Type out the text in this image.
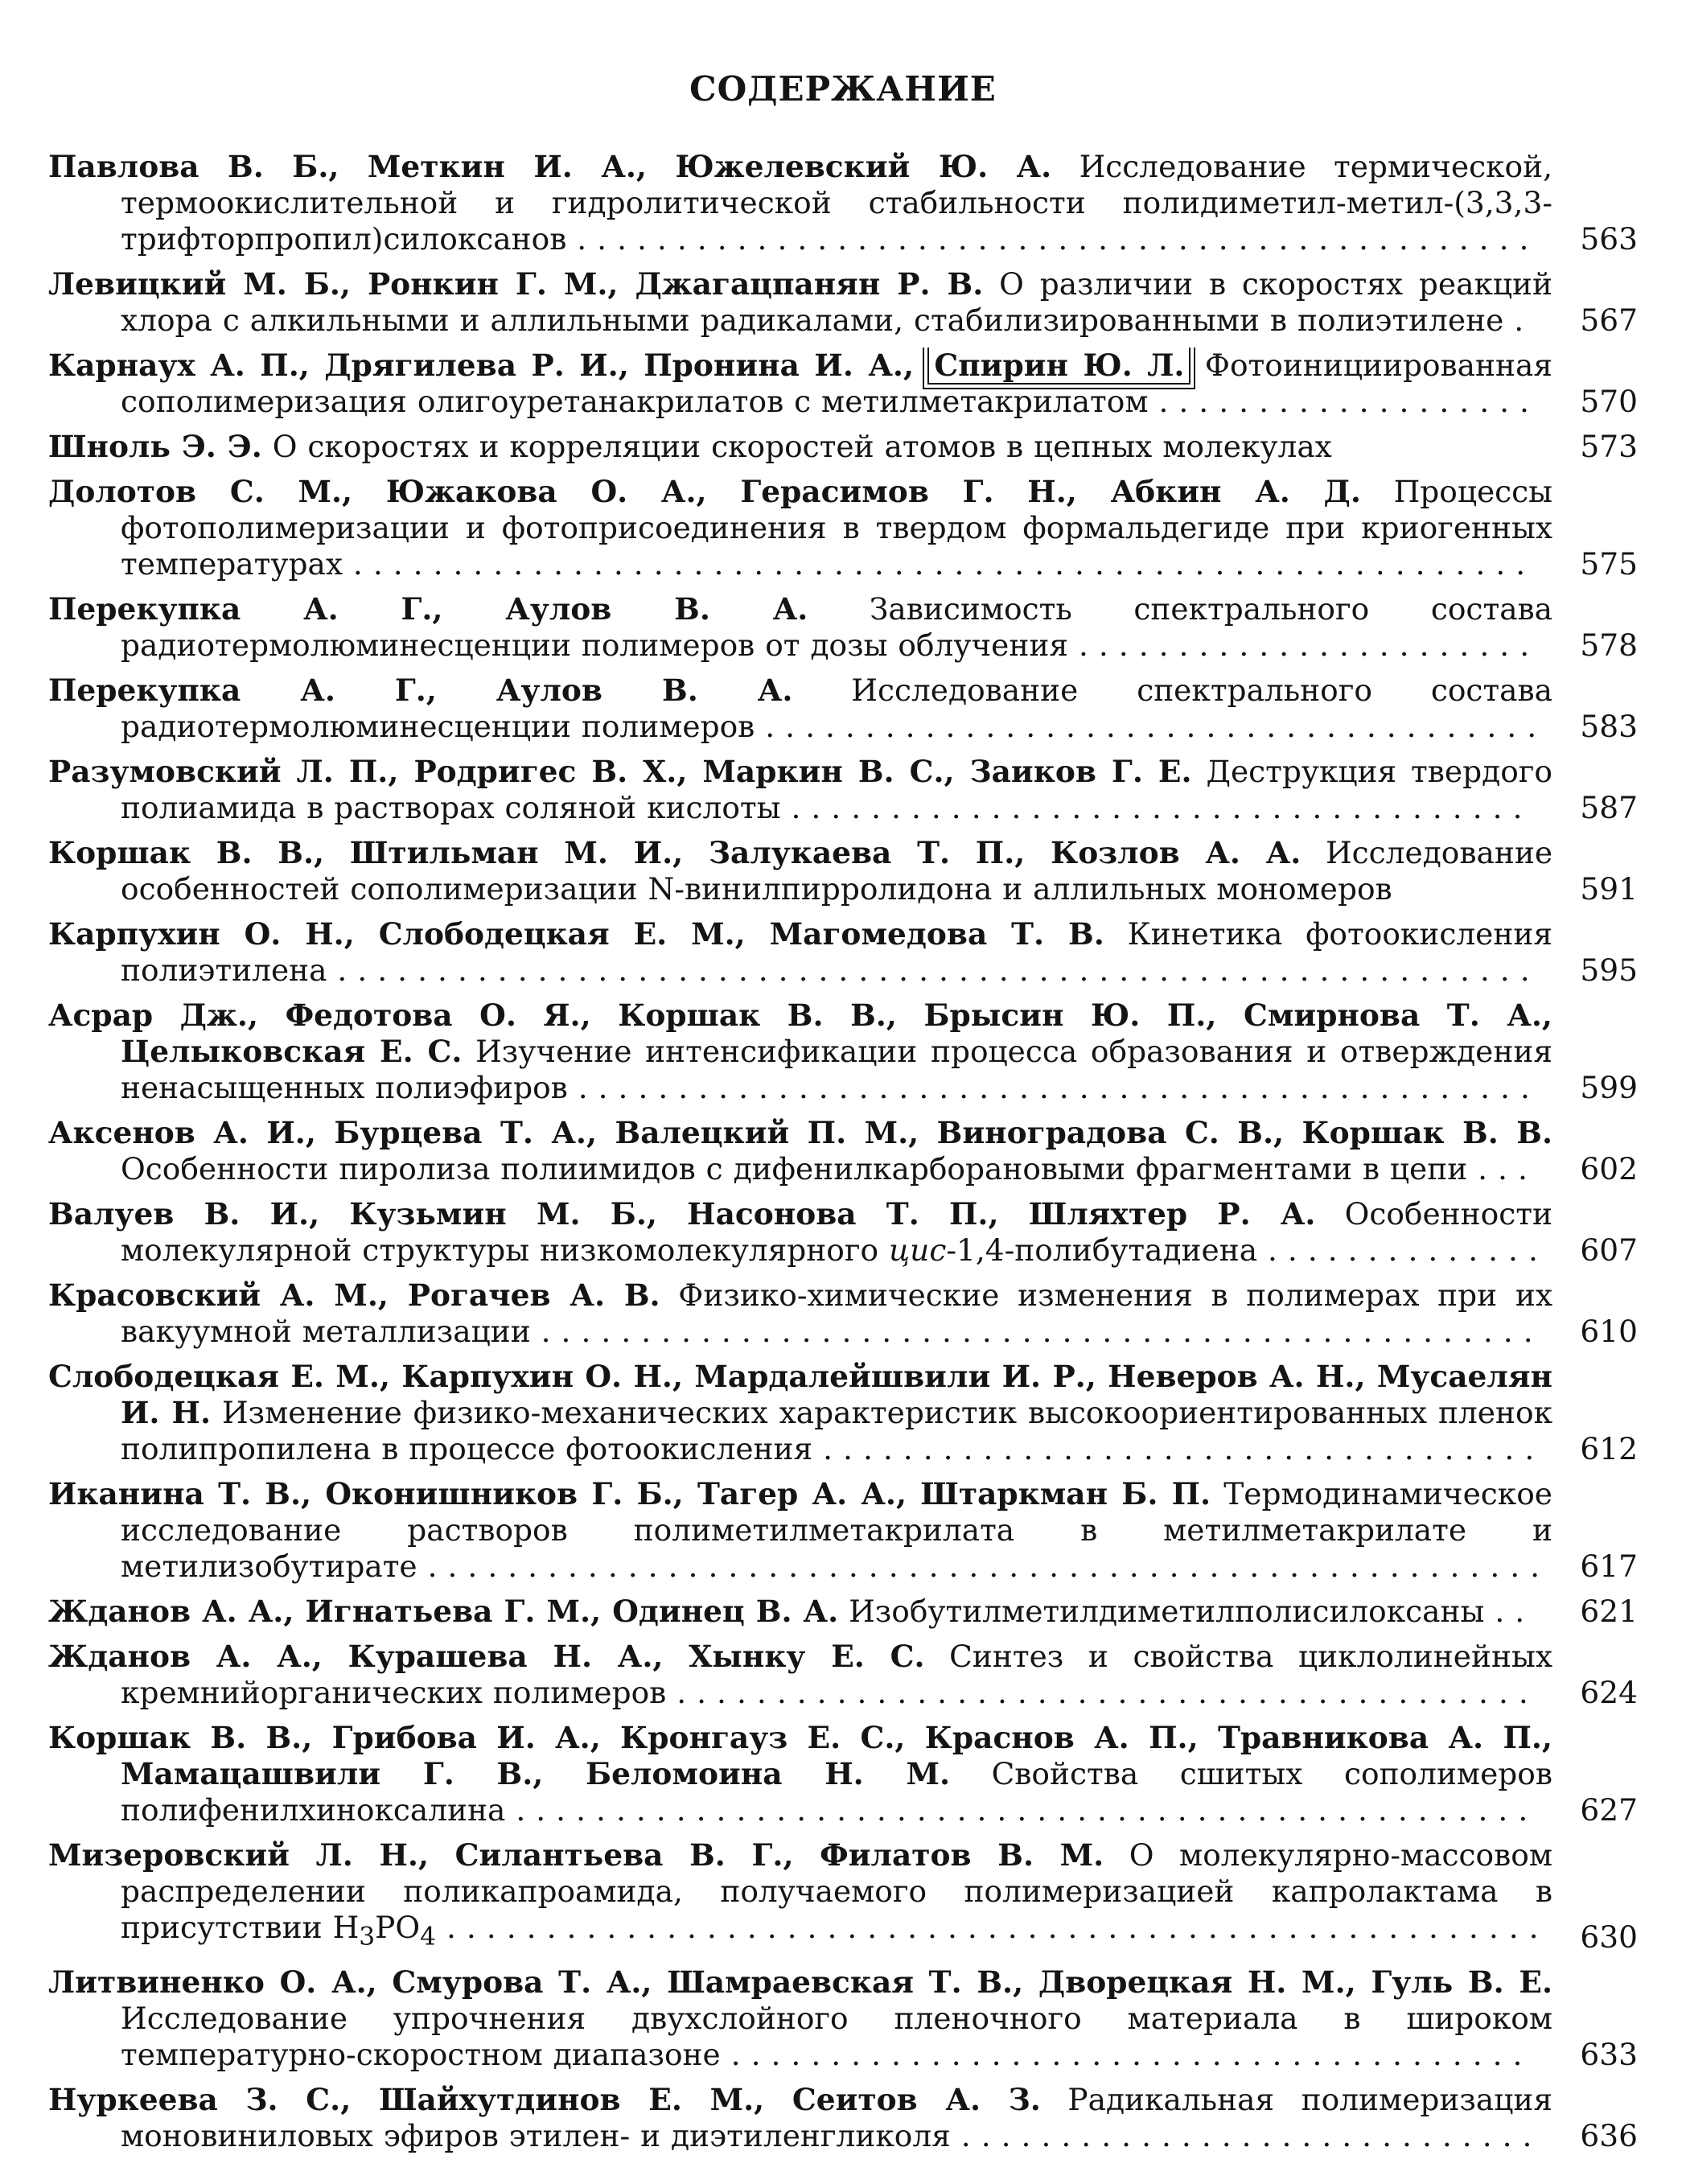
СОДЕРЖАНИЕ
Павлова В. Б., Меткин И. А., Южелевский Ю. А. Исследование термической, термоокислительной и гидролитической стабильности полидиметил-метил-(3,3,3-трифторпропил)силоксанов ................................................	563
Левицкий М. Б., Ронкин Г. М., Джагацпанян Р. В. О различии в скоростях реакций хлора с алкильными и аллильными радикалами, стабилизированными в полиэтилене .	567
Карнаух А. П., Дрягилева Р. И., Пронина И. А., Спирин Ю. Л. Фотоинициированная сополимеризация олигоуретанакрилатов с метилметакрилатом ...................	570
Шноль Э. Э. О скоростях и корреляции скоростей атомов в цепных молекулах	573
Долотов С. М., Южакова О. А., Герасимов Г. Н., Абкин А. Д. Процессы фотополимеризации и фотоприсоединения в твердом формальдегиде при криогенных температурах ...........................................................	575
Перекупка А. Г., Аулов В. А. Зависимость спектрального состава радиотермолюминесценции полимеров от дозы облучения .......................	578
Перекупка А. Г., Аулов В. А. Исследование спектрального состава радиотермолюминесценции полимеров .......................................	583
Разумовский Л. П., Родригес В. Х., Маркин В. С., Заиков Г. Е. Деструкция твердого полиамида в растворах соляной кислоты .....................................	587
Коршак В. В., Штильман М. И., Залукаева Т. П., Козлов А. А. Исследование особенностей сополимеризации N-винилпирролидона и аллильных мономеров	591
Карпухин О. Н., Слободецкая Е. М., Магомедова Т. В. Кинетика фотоокисления полиэтилена ............................................................	595
Асрар Дж., Федотова О. Я., Коршак В. В., Брысин Ю. П., Смирнова Т. А., Целыковская Е. С. Изучение интенсификации процесса образования и отверждения ненасыщенных полиэфиров ................................................	599
Аксенов А. И., Бурцева Т. А., Валецкий П. М., Виноградова С. В., Коршак В. В. Особенности пиролиза полиимидов с дифенилкарборановыми фрагментами в цепи ...	602
Валуев В. И., Кузьмин М. Б., Насонова Т. П., Шляхтер Р. А. Особенности молекулярной структуры низкомолекулярного цис-1,4-полибутадиена ..............	607
Красовский А. М., Рогачев А. В. Физико-химические изменения в полимерах при их вакуумной металлизации ..................................................	610
Слободецкая Е. М., Карпухин О. Н., Мардалейшвили И. Р., Неверов А. Н., Мусаелян И. Н. Изменение физико-механических характеристик высокоориентированных пленок полипропилена в процессе фотоокисления ....................................	612
Иканина Т. В., Оконишников Г. Б., Тагер А. А., Штаркман Б. П. Термодинамическое исследование растворов полиметилметакрилата в метилметакрилате и метилизобутирате ........................................................ 617
Жданов А. А., Игнатьева Г. М., Одинец В. А. Изобутилметилдиметилполисилоксаны ..	621
Жданов А. А., Курашева Н. А., Хынку Е. С. Синтез и свойства циклолинейных кремнийорганических полимеров ...........................................	624
Коршак В. В., Грибова И. А., Кронгауз Е. С., Краснов А. П., Травникова А. П., Мамацашвили Г. В., Беломоина Н. М. Свойства сшитых сополимеров полифенилхиноксалина ...................................................	627
Мизеровский Л. Н., Силантьева В. Г., Филатов В. М. О молекулярно-массовом распределении поликапроамида, получаемого полимеризацией капролактама в присутствии $H_3PO_4$ .......................................................	630
Литвиненко О. А., Смурова Т. А., Шамраевская Т. В., Дворецкая Н. М., Гуль В. Е. Исследование упрочнения двухслойного пленочного материала в широком температурно-скоростном диапазоне ........................................	633
Нуркеева З. С., Шайхутдинов Е. М., Сеитов А. З. Радикальная полимеризация моновиниловых эфиров этилен- и диэтиленгликоля .............................	636
